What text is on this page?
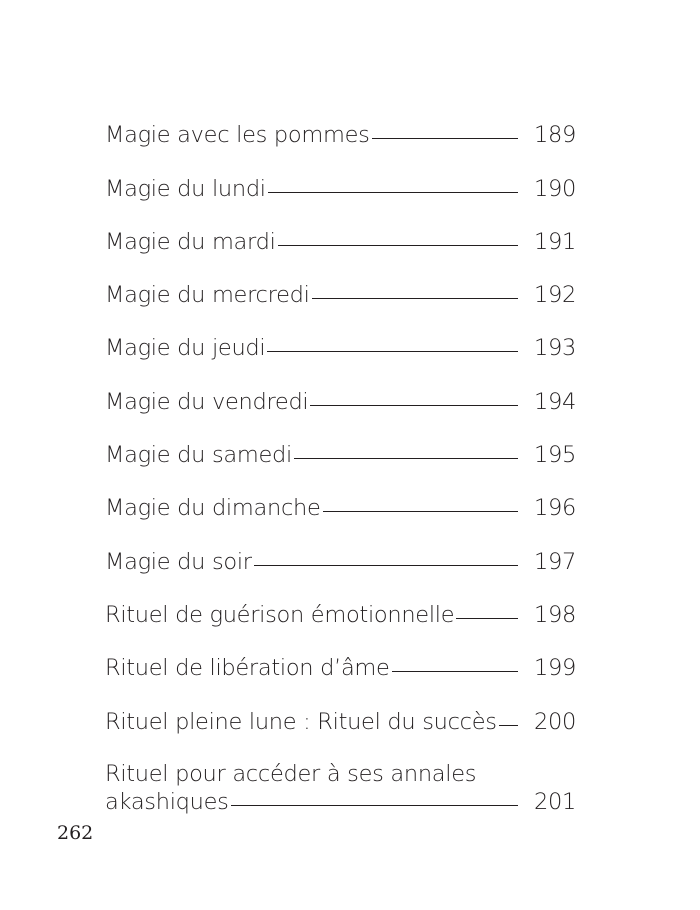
Magie avec les pommes	189
Magie du lundi	190
Magie du mardi	191
Magie du mercredi	192
Magie du jeudi	193
Magie du vendredi	194
Magie du samedi	195
Magie du dimanche	196
Magie du soir	197
Rituel de guérison émotionnelle	198
Rituel de libération d’âme	199
Rituel pleine lune : Rituel du succès 200
Rituel pour accéder à ses annales
akashiques	201
262
